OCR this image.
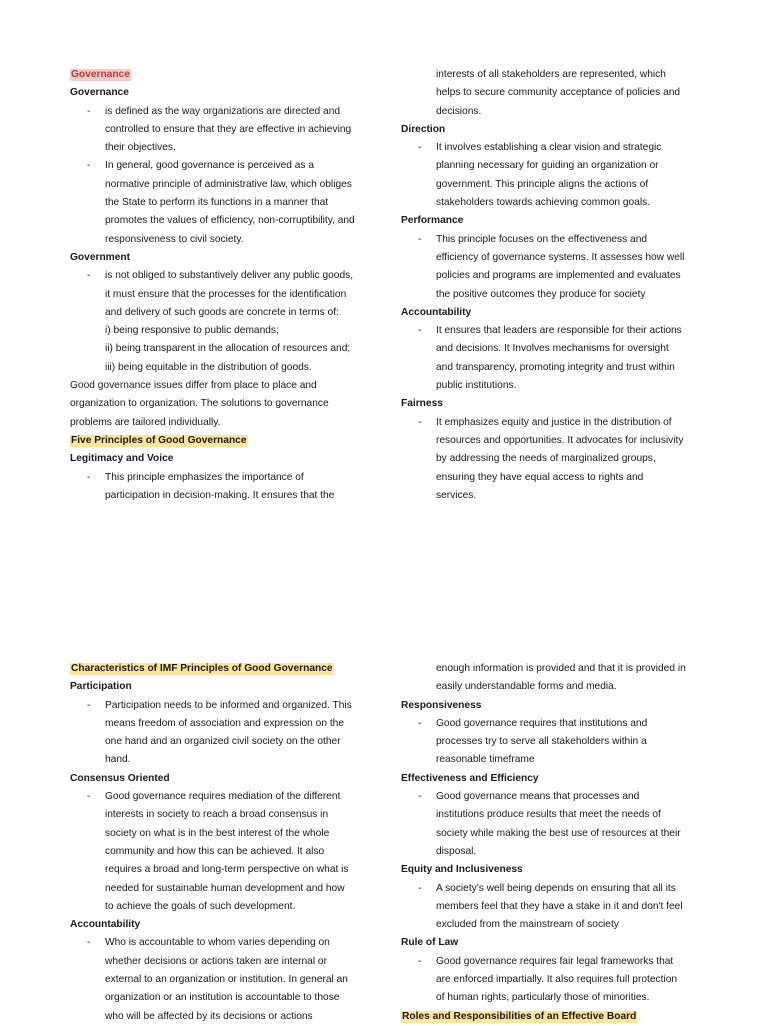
Governance

Governance

- is defined as the way organizations are directed and
controlled to ensure that they are effective in achieving
their objectives.
- In general, good governance is perceived as a
normative principle of administrative law, which obliges
the State to perform its functions in a manner that
promotes the values of efficiency, non-corruptibility, and
responsiveness to civil society.

Government

- is not obliged to substantively deliver any public goods,
it must ensure that the processes for the identification
and delivery of such goods are concrete in terms of:

i) being responsive to public demands;

ii) being transparent in the allocation of resources and;

iii) being equitable in the distribution of goods.

Good governance issues differ from place to place and

organization to organization. The solutions to governance

problems are tailored individually.

Five Principles of Good Governance

Legitimacy and Voice

- This principle emphasizes the importance of
participation in decision-making. It ensures that the
interests of all stakeholders are represented, which
helps to secure community acceptance of policies and
decisions.

Direction

- It involves establishing a clear vision and strategic
planning necessary for guiding an organization or
government. This principle aligns the actions of
stakeholders towards achieving common goals.

Performance

- This principle focuses on the effectiveness and
efficiency of governance systems. It assesses how well
policies and programs are implemented and evaluates
the positive outcomes they produce for society

Accountability

- It ensures that leaders are responsible for their actions
and decisions. It Involves mechanisms for oversight
and transparency, promoting integrity and trust within
public institutions.

Fairness

- It emphasizes equity and justice in the distribution of
resources and opportunities. It advocates for inclusivity
by addressing the needs of marginalized groups,
ensuring they have equal access to rights and
services.

Characteristics of IMF Principles of Good Governance

Participation

- Participation needs to be informed and organized. This
means freedom of association and expression on the
one hand and an organized civil society on the other
hand.

Consensus Oriented

- Good governance requires mediation of the different
interests in society to reach a broad consensus in
society on what is in the best interest of the whole
community and how this can be achieved. It also
requires a broad and long-term perspective on what is
needed for sustainable human development and how
to achieve the goals of such development.

Accountability

- Who is accountable to whom varies depending on
whether decisions or actions taken are internal or
external to an organization or institution. In general an
organization or an institution is accountable to those
who will be affected by its decisions or actions
enough information is provided and that it is provided in
easily understandable forms and media.

Responsiveness

- Good governance requires that institutions and
processes try to serve all stakeholders within a
reasonable timeframe

Effectiveness and Efficiency

- Good governance means that processes and
institutions produce results that meet the needs of
society while making the best use of resources at their
disposal.

Equity and Inclusiveness

- A society's well being depends on ensuring that all its
members feel that they have a stake in it and don't feel
excluded from the mainstream of society

Rule of Law

- Good governance requires fair legal frameworks that
are enforced impartially. It also requires full protection
of human rights, particularly those of minorities.

Roles and Responsibilities of an Effective Board
